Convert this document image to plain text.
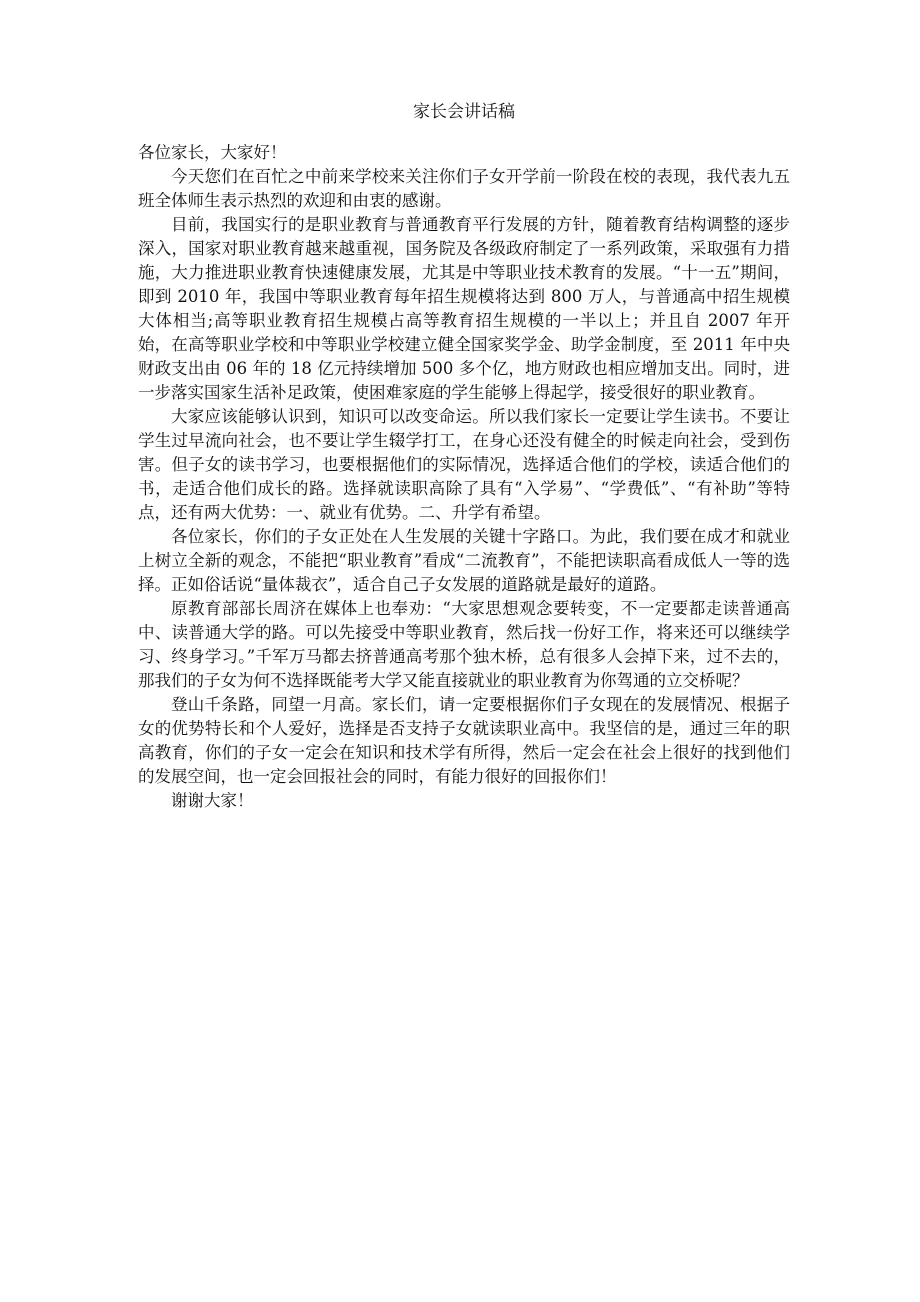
家长会讲话稿

各位家长，大家好！

今天您们在百忙之中前来学校来关注你们子女开学前一阶段在校的表现，我代表九五班全体师生表示热烈的欢迎和由衷的感谢。

目前，我国实行的是职业教育与普通教育平行发展的方针，随着教育结构调整的逐步深入，国家对职业教育越来越重视，国务院及各级政府制定了一系列政策，采取强有力措施，大力推进职业教育快速健康发展，尤其是中等职业技术教育的发展。“十一五”期间，即到 2010 年，我国中等职业教育每年招生规模将达到 800 万人，与普通高中招生规模大体相当;高等职业教育招生规模占高等教育招生规模的一半以上；并且自 2007 年开始，在高等职业学校和中等职业学校建立健全国家奖学金、助学金制度，至 2011 年中央财政支出由 06 年的 18 亿元持续增加 500 多个亿，地方财政也相应增加支出。同时，进一步落实国家生活补足政策，使困难家庭的学生能够上得起学，接受很好的职业教育。

大家应该能够认识到，知识可以改变命运。所以我们家长一定要让学生读书。不要让学生过早流向社会，也不要让学生辍学打工，在身心还没有健全的时候走向社会，受到伤害。但子女的读书学习，也要根据他们的实际情况，选择适合他们的学校，读适合他们的书，走适合他们成长的路。选择就读职高除了具有“入学易”、“学费低”、“有补助”等特点，还有两大优势：一、就业有优势。二、升学有希望。

各位家长，你们的子女正处在人生发展的关键十字路口。为此，我们要在成才和就业上树立全新的观念，不能把“职业教育”看成“二流教育”，不能把读职高看成低人一等的选择。正如俗话说“量体裁衣”，适合自己子女发展的道路就是最好的道路。

原教育部部长周济在媒体上也奉劝：“大家思想观念要转变，不一定要都走读普通高中、读普通大学的路。可以先接受中等职业教育，然后找一份好工作，将来还可以继续学习、终身学习。”千军万马都去挤普通高考那个独木桥，总有很多人会掉下来，过不去的，那我们的子女为何不选择既能考大学又能直接就业的职业教育为你驾通的立交桥呢？

登山千条路，同望一月高。家长们，请一定要根据你们子女现在的发展情况、根据子女的优势特长和个人爱好，选择是否支持子女就读职业高中。我坚信的是，通过三年的职高教育，你们的子女一定会在知识和技术学有所得，然后一定会在社会上很好的找到他们的发展空间，也一定会回报社会的同时，有能力很好的回报你们！

谢谢大家！
